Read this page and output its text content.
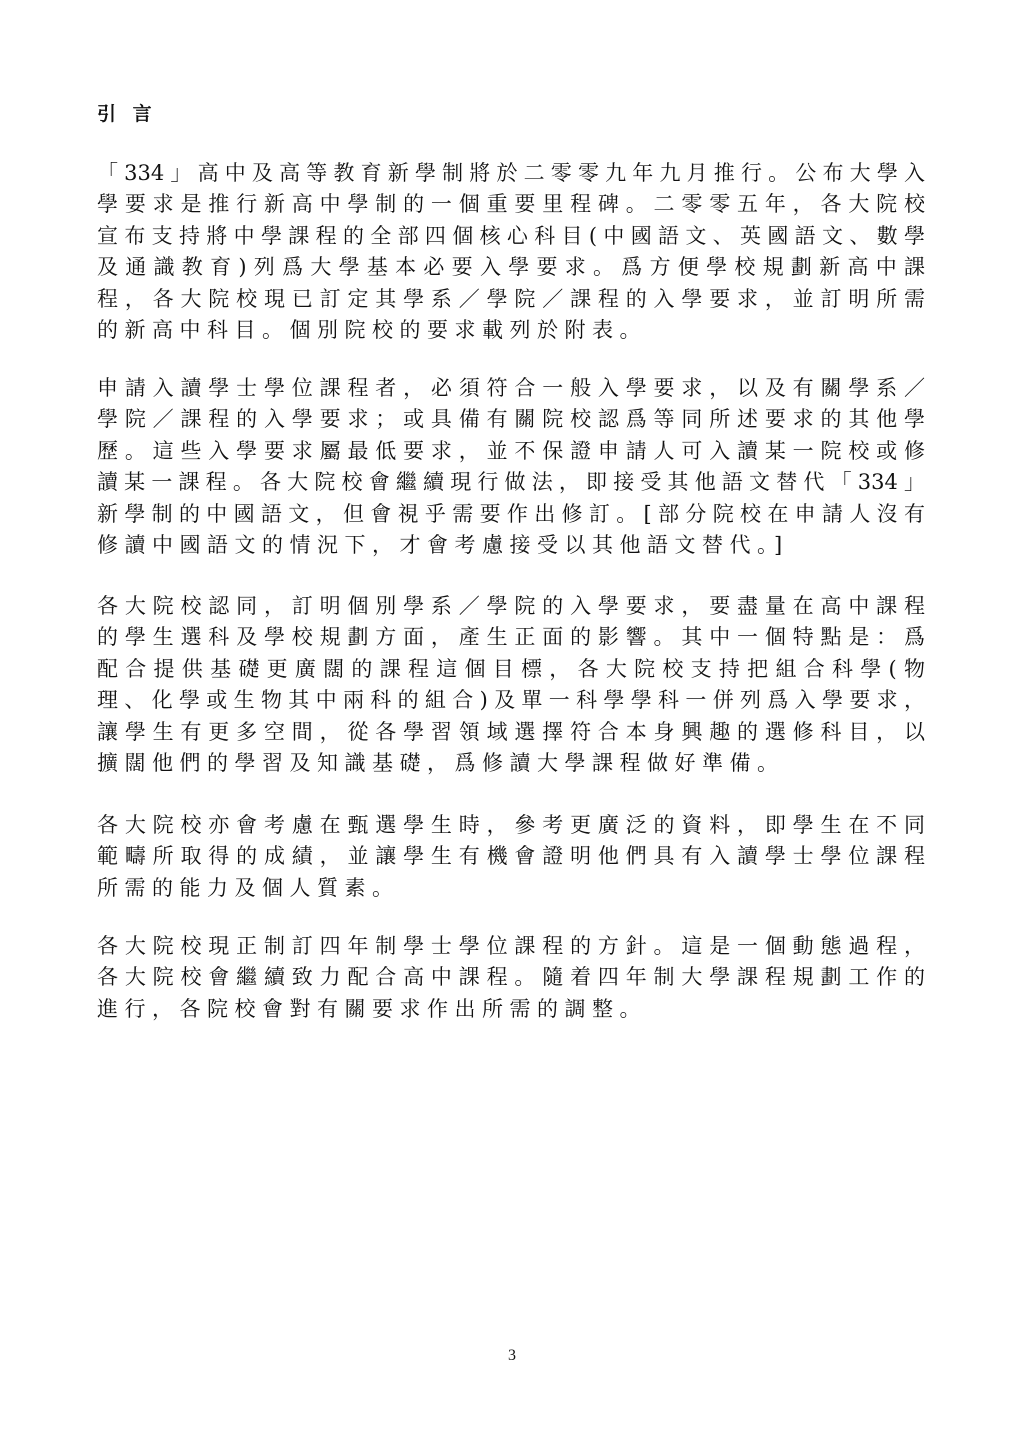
引 言
「334」高中及高等教育新學制將於二零零九年九月推行。公布大學入
學要求是推行新高中學制的一個重要里程碑。二零零五年，各大院校
宣布支持將中學課程的全部四個核心科目(中國語文、英國語文、數學
及通識教育)列爲大學基本必要入學要求。爲方便學校規劃新高中課
程，各大院校現已訂定其學系／學院／課程的入學要求，並訂明所需
的新高中科目。個別院校的要求載列於附表。
申請入讀學士學位課程者，必須符合一般入學要求，以及有關學系／
學院／課程的入學要求；或具備有關院校認爲等同所述要求的其他學
歷。這些入學要求屬最低要求，並不保證申請人可入讀某一院校或修
讀某一課程。各大院校會繼續現行做法，即接受其他語文替代「334」
新學制的中國語文，但會視乎需要作出修訂。[部分院校在申請人沒有
修讀中國語文的情況下，才會考慮接受以其他語文替代。]
各大院校認同，訂明個別學系／學院的入學要求，要盡量在高中課程
的學生選科及學校規劃方面，產生正面的影響。其中一個特點是：爲
配合提供基礎更廣闊的課程這個目標，各大院校支持把組合科學(物
理、化學或生物其中兩科的組合)及單一科學學科一併列爲入學要求，
讓學生有更多空間，從各學習領域選擇符合本身興趣的選修科目，以
擴闊他們的學習及知識基礎，爲修讀大學課程做好準備。
各大院校亦會考慮在甄選學生時，參考更廣泛的資料，即學生在不同
範疇所取得的成績，並讓學生有機會證明他們具有入讀學士學位課程
所需的能力及個人質素。
各大院校現正制訂四年制學士學位課程的方針。這是一個動態過程，
各大院校會繼續致力配合高中課程。隨着四年制大學課程規劃工作的
進行，各院校會對有關要求作出所需的調整。
3
